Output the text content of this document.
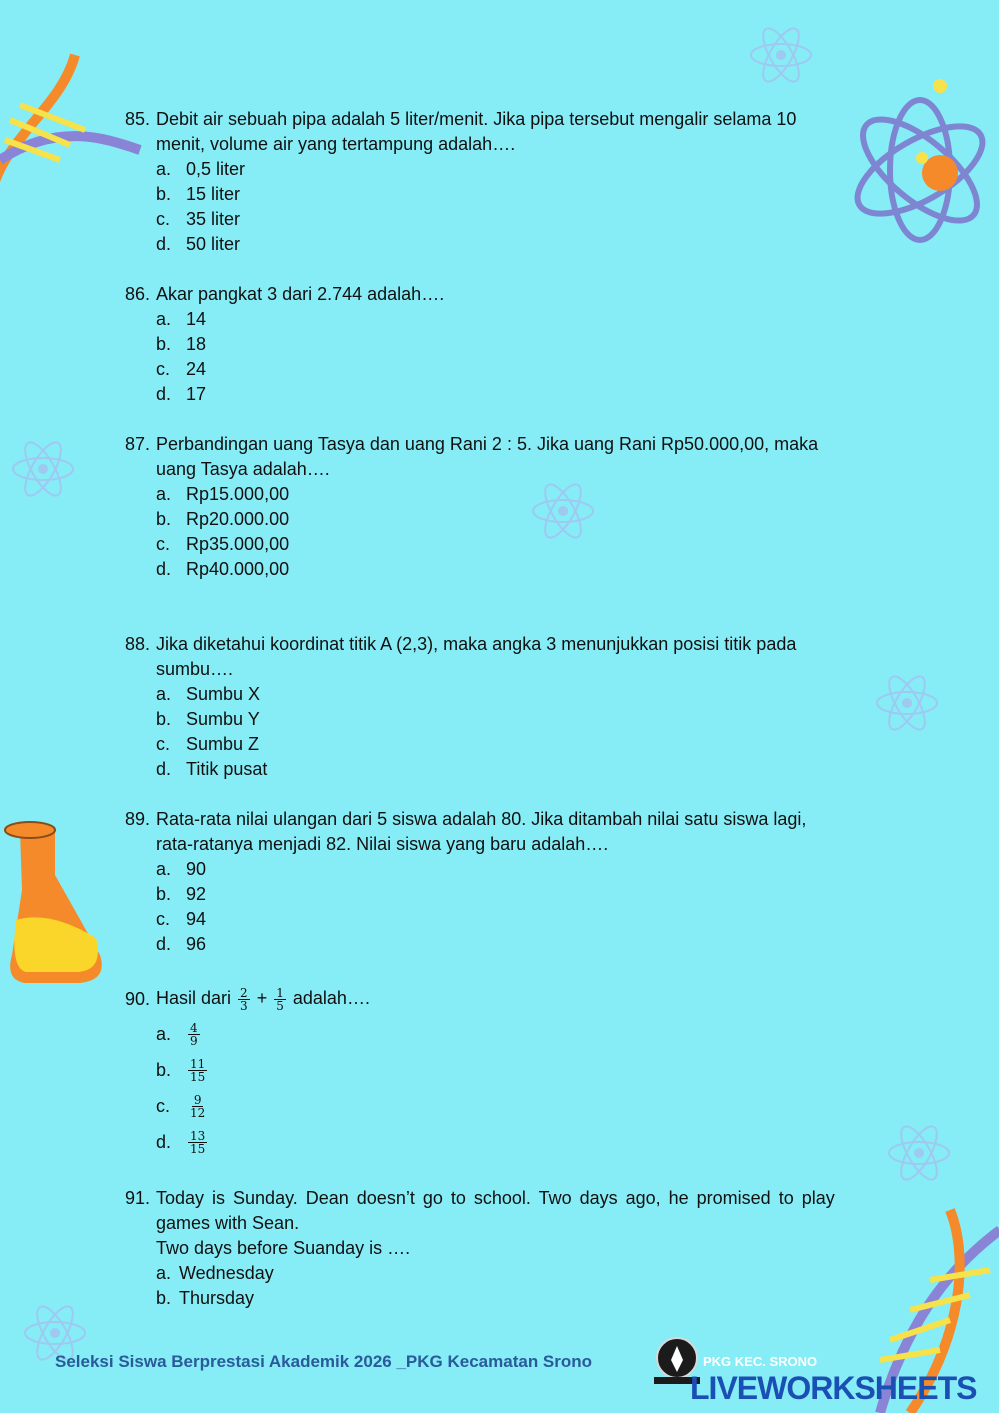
85. Debit air sebuah pipa adalah 5 liter/menit. Jika pipa tersebut mengalir selama 10
menit, volume air yang tertampung adalah….
a. 0,5 liter
b. 15 liter
c. 35 liter
d. 50 liter
86. Akar pangkat 3 dari 2.744 adalah….
a. 14
b. 18
c. 24
d. 17
87. Perbandingan uang Tasya dan uang Rani 2 : 5. Jika uang Rani Rp50.000,00, maka
uang Tasya adalah….
a. Rp15.000,00
b. Rp20.000.00
c. Rp35.000,00
d. Rp40.000,00
88. Jika diketahui koordinat titik A (2,3), maka angka 3 menunjukkan posisi titik pada
sumbu….
a. Sumbu X
b. Sumbu Y
c. Sumbu Z
d. Titik pusat
89. Rata-rata nilai ulangan dari 5 siswa adalah 80. Jika ditambah nilai satu siswa lagi,
rata-ratanya menjadi 82. Nilai siswa yang baru adalah….
a. 90
b. 92
c. 94
d. 96
90. Hasil dari $\frac{2}{3} + \frac{1}{5}$ adalah….
a.	$\frac{4}{9}$
b.	$\frac{11}{15}$
c.	$\frac{9}{12}$
d.	$\frac{13}{15}$
91. Today is Sunday. Dean doesn’t go to school. Two days ago, he promised to play
games with Sean.
Two days before Suanday is ….
a. Wednesday
b. Thursday
Seleksi Siswa Berprestasi Akademik 2026 _PKG Kecamatan Srono	PKG KEC. SRONO
LIVEWORKSHEETS
